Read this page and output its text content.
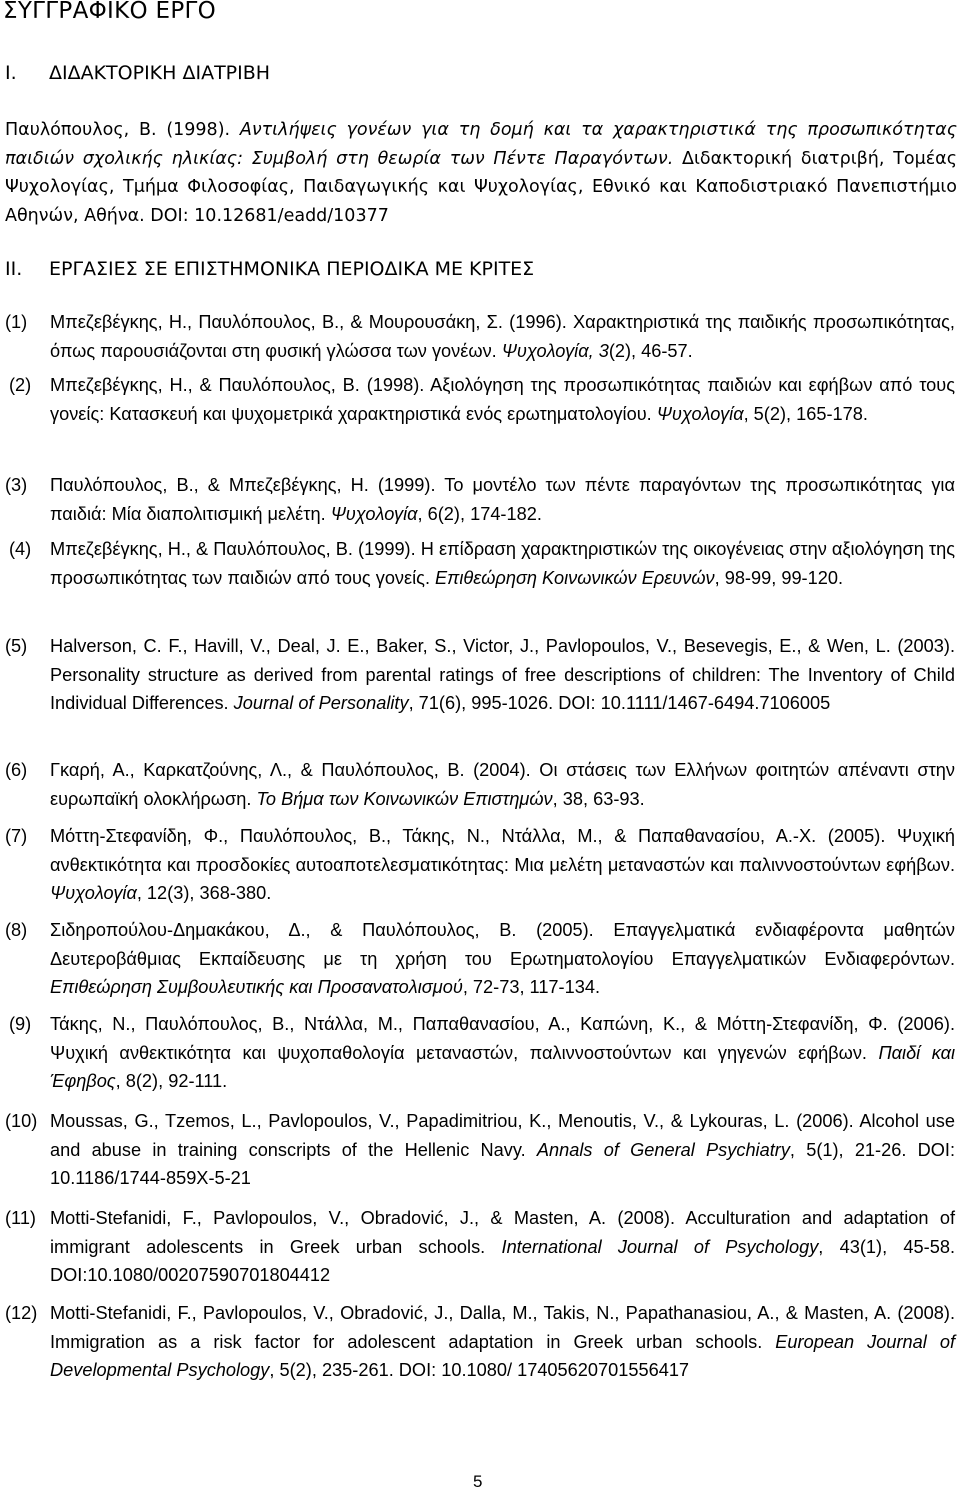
ΣΥΓΓΡΑΦΙΚΟ ΕΡΓΟ
I. ΔΙΔΑΚΤΟΡΙΚΗ ΔΙΑΤΡΙΒΗ
Παυλόπουλος, Β. (1998). Αντιλήψεις γονέων για τη δομή και τα χαρακτηριστικά της προσωπικότητας παιδιών σχολικής ηλικίας: Συμβολή στη θεωρία των Πέντε Παραγόντων. Διδακτορική διατριβή, Τομέας Ψυχολογίας, Τμήμα Φιλοσοφίας, Παιδαγωγικής και Ψυχολογίας, Εθνικό και Καποδιστριακό Πανεπιστήμιο Αθηνών, Αθήνα. DOI: 10.12681/eadd/10377
II. ΕΡΓΑΣΙΕΣ ΣΕ ΕΠΙΣΤΗΜΟΝΙΚΑ ΠΕΡΙΟΔΙΚΑ ΜΕ ΚΡΙΤΕΣ
(1) Μπεζεβέγκης, Η., Παυλόπουλος, Β., & Μουρουσάκη, Σ. (1996). Χαρακτηριστικά της παιδικής προσωπικότητας, όπως παρουσιάζονται στη φυσική γλώσσα των γονέων. Ψυχολογία, 3(2), 46-57.
(2) Μπεζεβέγκης, Η., & Παυλόπουλος, Β. (1998). Αξιολόγηση της προσωπικότητας παιδιών και εφήβων από τους γονείς: Κατασκευή και ψυχομετρικά χαρακτηριστικά ενός ερωτηματολογίου. Ψυχολογία, 5(2), 165-178.
(3) Παυλόπουλος, Β., & Μπεζεβέγκης, Η. (1999). Το μοντέλο των πέντε παραγόντων της προσωπικότητας για παιδιά: Μία διαπολιτισμική μελέτη. Ψυχολογία, 6(2), 174-182.
(4) Μπεζεβέγκης, Η., & Παυλόπουλος, Β. (1999). Η επίδραση χαρακτηριστικών της οικογένειας στην αξιολόγηση της προσωπικότητας των παιδιών από τους γονείς. Επιθεώρηση Κοινωνικών Ερευνών, 98-99, 99-120.
(5) Halverson, C. F., Havill, V., Deal, J. E., Baker, S., Victor, J., Pavlopoulos, V., Besevegis, E., & Wen, L. (2003). Personality structure as derived from parental ratings of free descriptions of children: The Inventory of Child Individual Differences. Journal of Personality, 71(6), 995-1026. DOI: 10.1111/1467-6494.7106005
(6) Γκαρή, Α., Καρκατζούνης, Λ., & Παυλόπουλος, Β. (2004). Οι στάσεις των Ελλήνων φοιτητών απέναντι στην ευρωπαϊκή ολοκλήρωση. Το Βήμα των Κοινωνικών Επιστημών, 38, 63-93.
(7) Μόττη-Στεφανίδη, Φ., Παυλόπουλος, Β., Τάκης, Ν., Ντάλλα, Μ., & Παπαθανασίου, Α.-Χ. (2005). Ψυχική ανθεκτικότητα και προσδοκίες αυτοαποτελεσματικότητας: Μια μελέτη μεταναστών και παλιννοστούντων εφήβων. Ψυχολογία, 12(3), 368-380.
(8) Σιδηροπούλου-Δημακάκου, Δ., & Παυλόπουλος, Β. (2005). Επαγγελματικά ενδιαφέροντα μαθητών Δευτεροβάθμιας Εκπαίδευσης με τη χρήση του Ερωτηματολογίου Επαγγελματικών Ενδιαφερόντων. Επιθεώρηση Συμβουλευτικής και Προσανατολισμού, 72-73, 117-134.
(9) Τάκης, Ν., Παυλόπουλος, Β., Ντάλλα, Μ., Παπαθανασίου, Α., Καπώνη, Κ., & Μόττη-Στεφανίδη, Φ. (2006). Ψυχική ανθεκτικότητα και ψυχοπαθολογία μεταναστών, παλιννοστούντων και γηγενών εφήβων. Παιδί και Έφηβος, 8(2), 92-111.
(10) Moussas, G., Tzemos, L., Pavlopoulos, V., Papadimitriou, K., Menoutis, V., & Lykouras, L. (2006). Alcohol use and abuse in training conscripts of the Hellenic Navy. Annals of General Psychiatry, 5(1), 21-26. DOI: 10.1186/1744-859X-5-21
(11) Motti-Stefanidi, F., Pavlopoulos, V., Obradović, J., & Masten, A. (2008). Acculturation and adaptation of immigrant adolescents in Greek urban schools. International Journal of Psychology, 43(1), 45-58. DOI:10.1080/00207590701804412
(12) Motti-Stefanidi, F., Pavlopoulos, V., Obradović, J., Dalla, M., Takis, N., Papathanasiou, A., & Masten, A. (2008). Immigration as a risk factor for adolescent adaptation in Greek urban schools. European Journal of Developmental Psychology, 5(2), 235-261. DOI: 10.1080/ 17405620701556417
5
